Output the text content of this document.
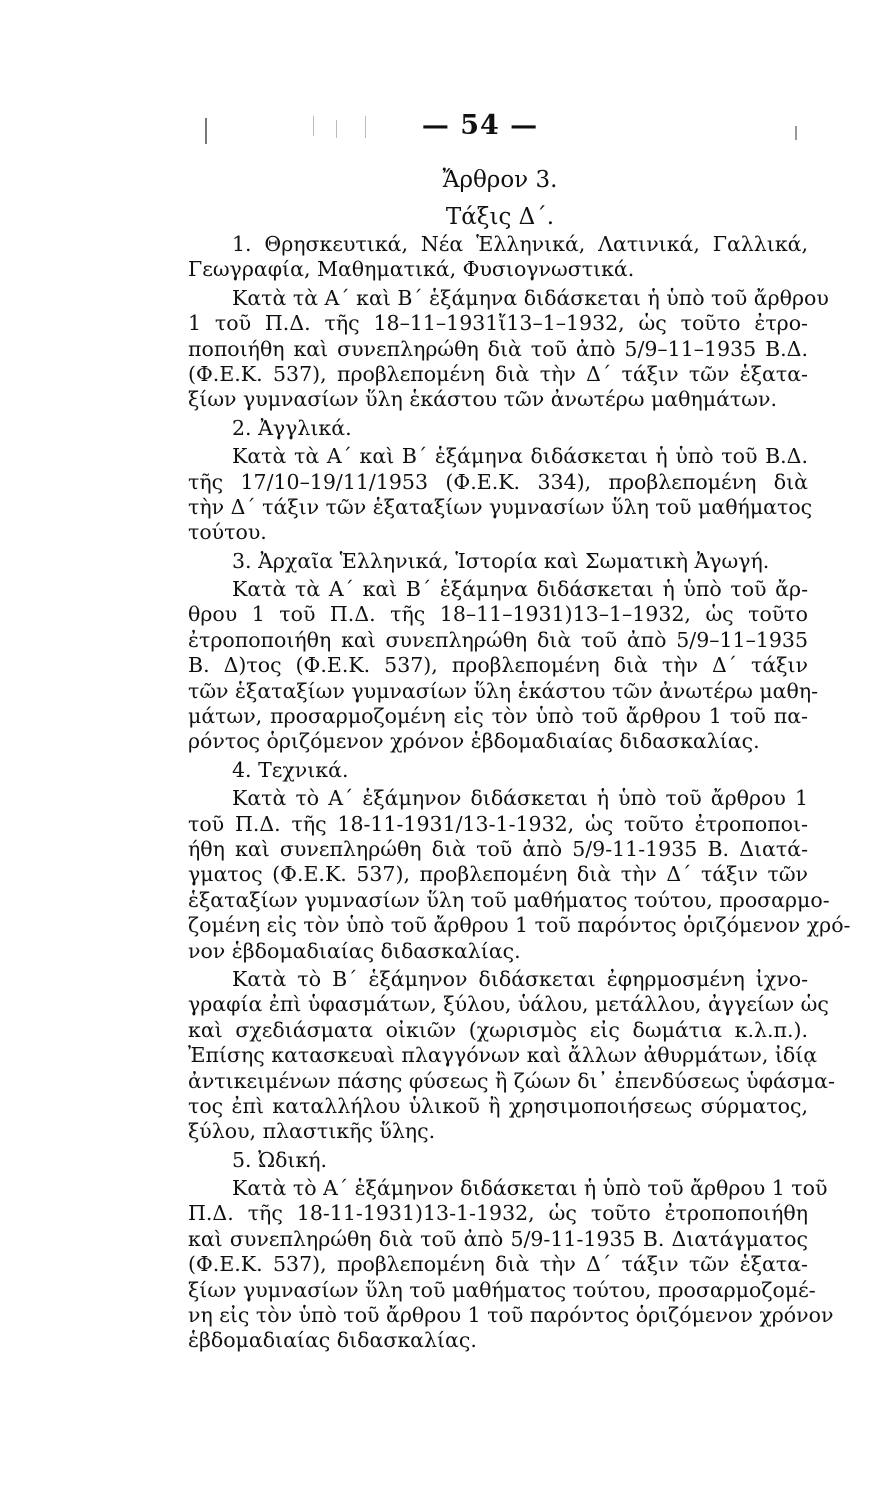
— 54 —
Ἄρθρον 3.
Τάξις Δ΄.
1. Θρησκευτικά, Νέα Ἑλληνικά, Λατινικά, Γαλλικά,
Γεωγραφία, Μαθηματικά, Φυσιογνωστικά.
Κατὰ τὰ Α΄ καὶ Β΄ ἑξάμηνα διδάσκεται ἡ ὑπὸ τοῦ ἄρθρου
1 τοῦ Π.Δ. τῆς 18–11–1931ἴ13–1–1932, ὡς τοῦτο ἐτρο-
ποποιήθη καὶ συνεπληρώθη διὰ τοῦ ἀπὸ 5/9–11–1935 Β.Δ.
(Φ.Ε.Κ. 537), προβλεπομένη διὰ τὴν Δ΄ τάξιν τῶν ἑξατα-
ξίων γυμνασίων ὕλη ἑκάστου τῶν ἀνωτέρω μαθημάτων.
2. Ἀγγλικά.
Κατὰ τὰ Α΄ καὶ Β΄ ἑξάμηνα διδάσκεται ἡ ὑπὸ τοῦ Β.Δ.
τῆς 17/10–19/11/1953 (Φ.Ε.Κ. 334), προβλεπομένη διὰ
τὴν Δ΄ τάξιν τῶν ἑξαταξίων γυμνασίων ὕλη τοῦ μαθήματος
τούτου.
3. Ἀρχαῖα Ἑλληνικά, Ἱστορία καὶ Σωματικὴ Ἀγωγή.
Κατὰ τὰ Α΄ καὶ Β΄ ἑξάμηνα διδάσκεται ἡ ὑπὸ τοῦ ἄρ-
θρου 1 τοῦ Π.Δ. τῆς 18–11–1931)13–1–1932, ὡς τοῦτο
ἐτροποποιήθη καὶ συνεπληρώθη διὰ τοῦ ἀπὸ 5/9–11–1935
Β. Δ)τος (Φ.Ε.Κ. 537), προβλεπομένη διὰ τὴν Δ΄ τάξιν
τῶν ἑξαταξίων γυμνασίων ὕλη ἑκάστου τῶν ἀνωτέρω μαθη-
μάτων, προσαρμοζομένη εἰς τὸν ὑπὸ τοῦ ἄρθρου 1 τοῦ πα-
ρόντος ὁριζόμενον χρόνον ἑβδομαδιαίας διδασκαλίας.
4. Τεχνικά.
Κατὰ τὸ Α΄ ἑξάμηνον διδάσκεται ἡ ὑπὸ τοῦ ἄρθρου 1
τοῦ Π.Δ. τῆς 18-11-1931/13-1-1932, ὡς τοῦτο ἐτροποποι-
ήθη καὶ συνεπληρώθη διὰ τοῦ ἀπὸ 5/9-11-1935 Β. Διατά-
γματος (Φ.Ε.Κ. 537), προβλεπομένη διὰ τὴν Δ΄ τάξιν τῶν
ἑξαταξίων γυμνασίων ὕλη τοῦ μαθήματος τούτου, προσαρμο-
ζομένη εἰς τὸν ὑπὸ τοῦ ἄρθρου 1 τοῦ παρόντος ὁριζόμενον χρό-
νον ἑβδομαδιαίας διδασκαλίας.
Κατὰ τὸ Β΄ ἑξάμηνον διδάσκεται ἐφηρμοσμένη ἰχνο-
γραφία ἐπὶ ὑφασμάτων, ξύλου, ὑάλου, μετάλλου, ἀγγείων ὡς
καὶ σχεδιάσματα οἰκιῶν (χωρισμὸς εἰς δωμάτια κ.λ.π.).
Ἐπίσης κατασκευαὶ πλαγγόνων καὶ ἄλλων ἀθυρμάτων, ἰδίᾳ
ἀντικειμένων πάσης φύσεως ἢ ζώων δι᾽ ἐπενδύσεως ὑφάσμα-
τος ἐπὶ καταλλήλου ὑλικοῦ ἢ χρησιμοποιήσεως σύρματος,
ξύλου, πλαστικῆς ὕλης.
5. Ὠδική.
Κατὰ τὸ Α΄ ἑξάμηνον διδάσκεται ἡ ὑπὸ τοῦ ἄρθρου 1 τοῦ
Π.Δ. τῆς 18-11-1931)13-1-1932, ὡς τοῦτο ἐτροποποιήθη
καὶ συνεπληρώθη διὰ τοῦ ἀπὸ 5/9-11-1935 Β. Διατάγματος
(Φ.Ε.Κ. 537), προβλεπομένη διὰ τὴν Δ΄ τάξιν τῶν ἑξατα-
ξίων γυμνασίων ὕλη τοῦ μαθήματος τούτου, προσαρμοζομέ-
νη εἰς τὸν ὑπὸ τοῦ ἄρθρου 1 τοῦ παρόντος ὁριζόμενον χρόνον
ἑβδομαδιαίας διδασκαλίας.
